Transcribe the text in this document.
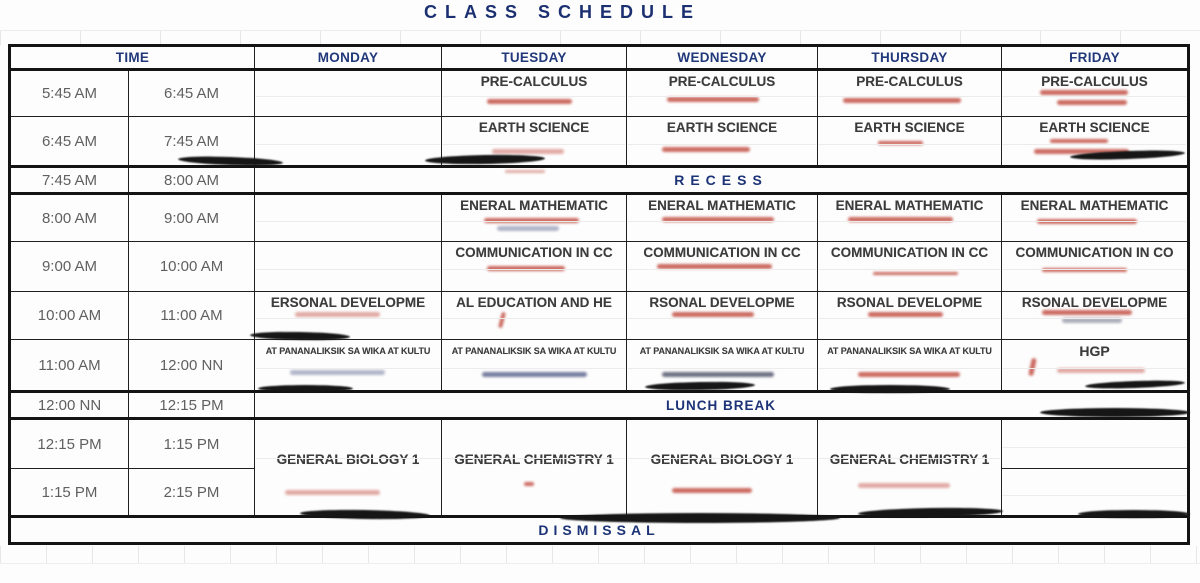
CLASS SCHEDULE
TIME		MONDAY	TUESDAY	WEDNESDAY	THURSDAY	FRIDAY
5:45 AM	6:45 AM		PRE-CALCULUS	PRE-CALCULUS	PRE-CALCULUS	PRE-CALCULUS

6:45 AM	7:45 AM		EARTH SCIENCE	EARTH SCIENCE	EARTH SCIENCE	EARTH SCIENCE

7:45 AM	8:00 AM	RECESS				

8:00 AM	9:00 AM		ENERAL MATHEMATIC	ENERAL MATHEMATIC	ENERAL MATHEMATIC	ENERAL MATHEMATIC

9:00 AM	10:00 AM		COMMUNICATION IN CC	COMMUNICATION IN CC	COMMUNICATION IN CC	COMMUNICATION IN CO

10:00 AM	11:00 AM	ERSONAL DEVELOPME	AL EDUCATION AND HE	RSONAL DEVELOPME	RSONAL DEVELOPME	RSONAL DEVELOPME

11:00 AM	12:00 NN	AT PANANALIKSIK SA WIKA AT KULTU	AT PANANALIKSIK SA WIKA AT KULTU	AT PANANALIKSIK SA WIKA AT KULTU	AT PANANALIKSIK SA WIKA AT KULTU	HGP

12:00 NN	12:15 PM	LUNCH BREAK				
12:15 PM	1:15 PM	GENERAL BIOLOGY 1	GENERAL CHEMISTRY 1	GENERAL BIOLOGY 1	GENERAL CHEMISTRY 1

1:15 PM	2:15 PM					
DISMISSAL						
